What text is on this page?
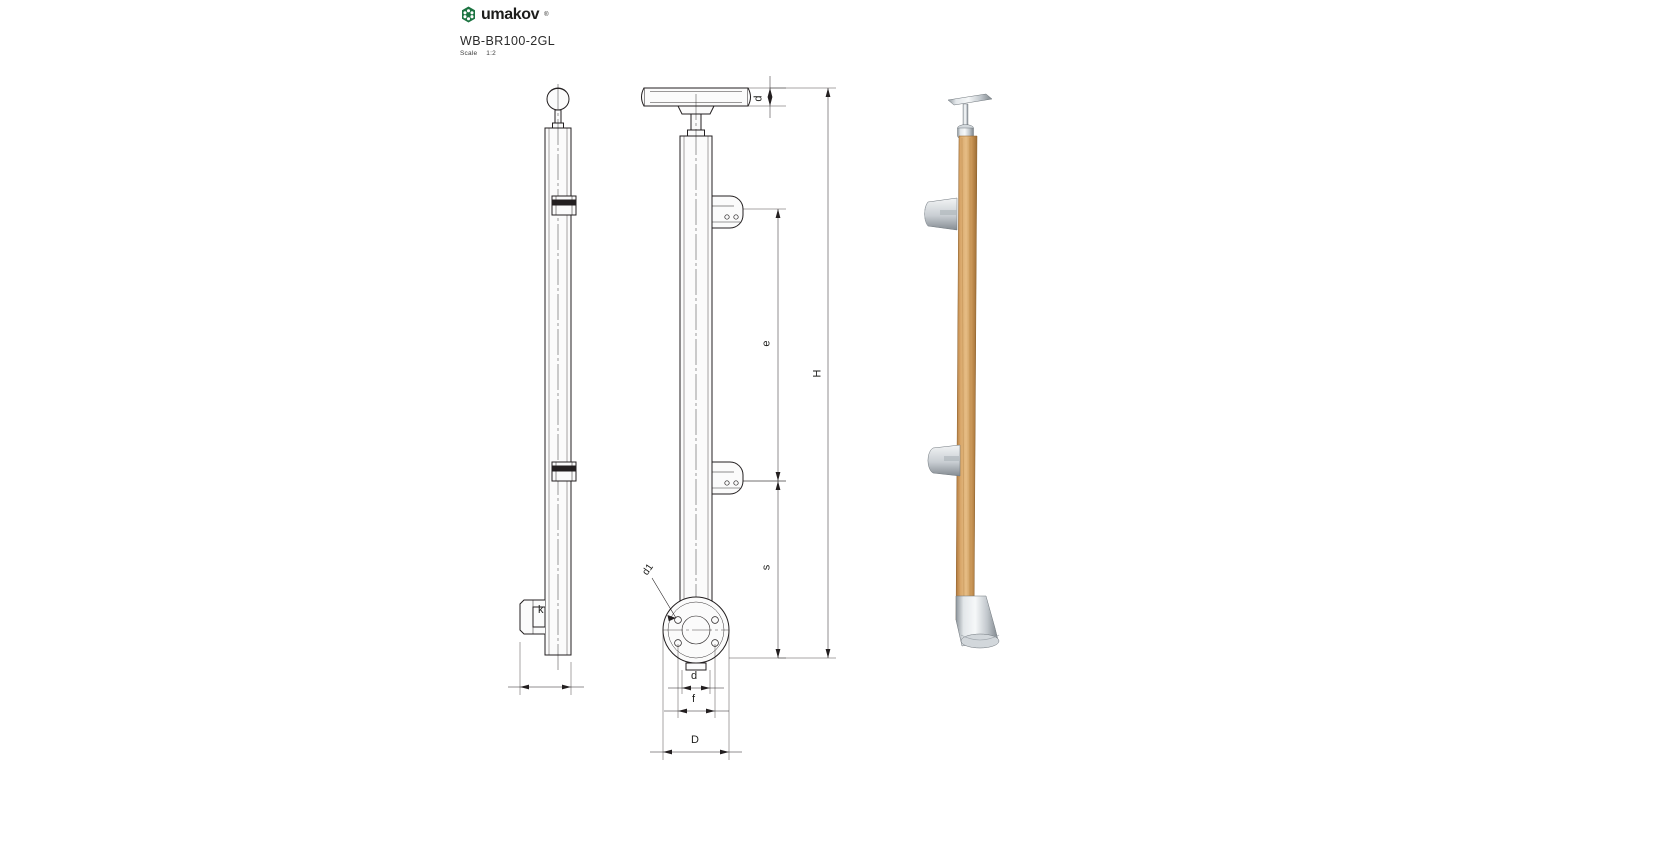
umakov ®
WB-BR100-2GL
Scale 1:2
k
d
H
e
s
d1
d
f
D
